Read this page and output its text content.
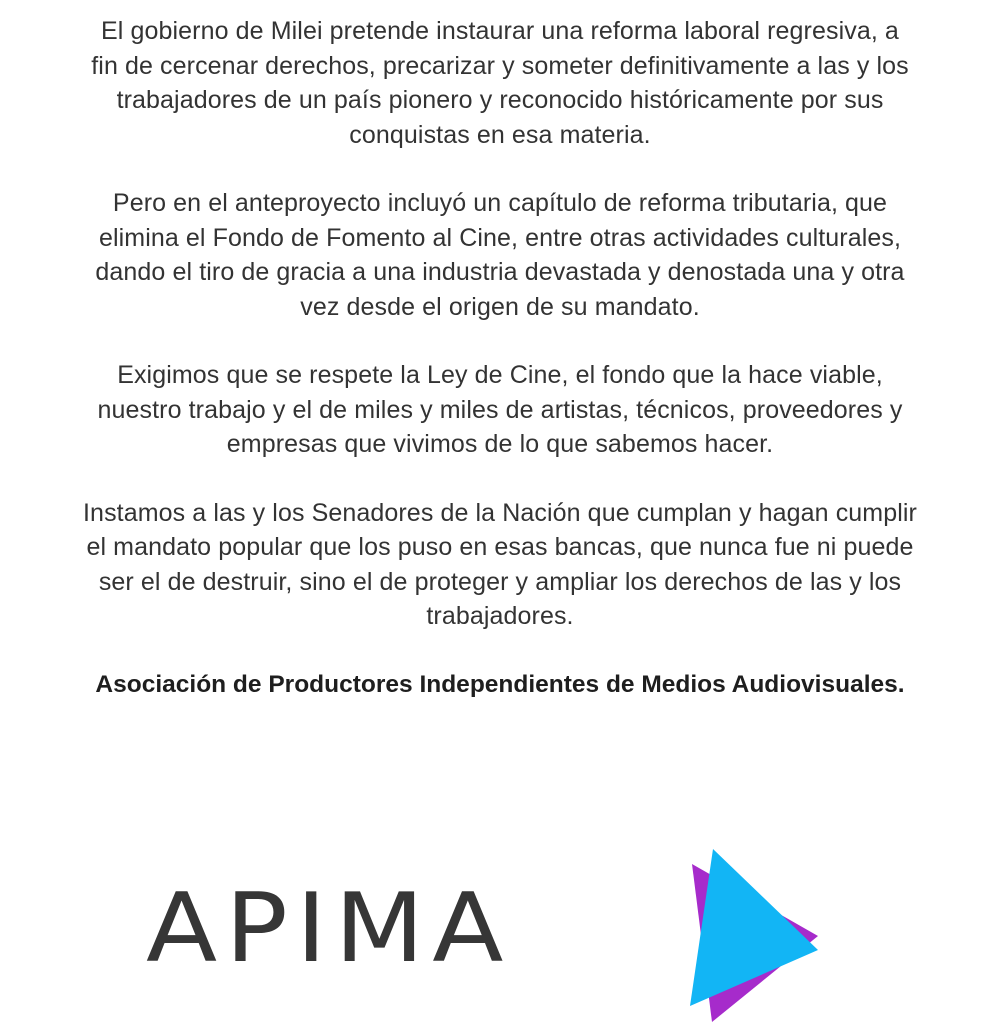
El gobierno de Milei pretende instaurar una reforma laboral regresiva, a
fin de cercenar derechos, precarizar y someter definitivamente a las y los
trabajadores de un país pionero y reconocido históricamente por sus
conquistas en esa materia.

Pero en el anteproyecto incluyó un capítulo de reforma tributaria, que
elimina el Fondo de Fomento al Cine, entre otras actividades culturales,
dando el tiro de gracia a una industria devastada y denostada una y otra
vez desde el origen de su mandato.

Exigimos que se respete la Ley de Cine, el fondo que la hace viable,
nuestro trabajo y el de miles y miles de artistas, técnicos, proveedores y
empresas que vivimos de lo que sabemos hacer.

Instamos a las y los Senadores de la Nación que cumplan y hagan cumplir
el mandato popular que los puso en esas bancas, que nunca fue ni puede
ser el de destruir, sino el de proteger y ampliar los derechos de las y los
trabajadores.

Asociación de Productores Independientes de Medios Audiovisuales.

APIMA
